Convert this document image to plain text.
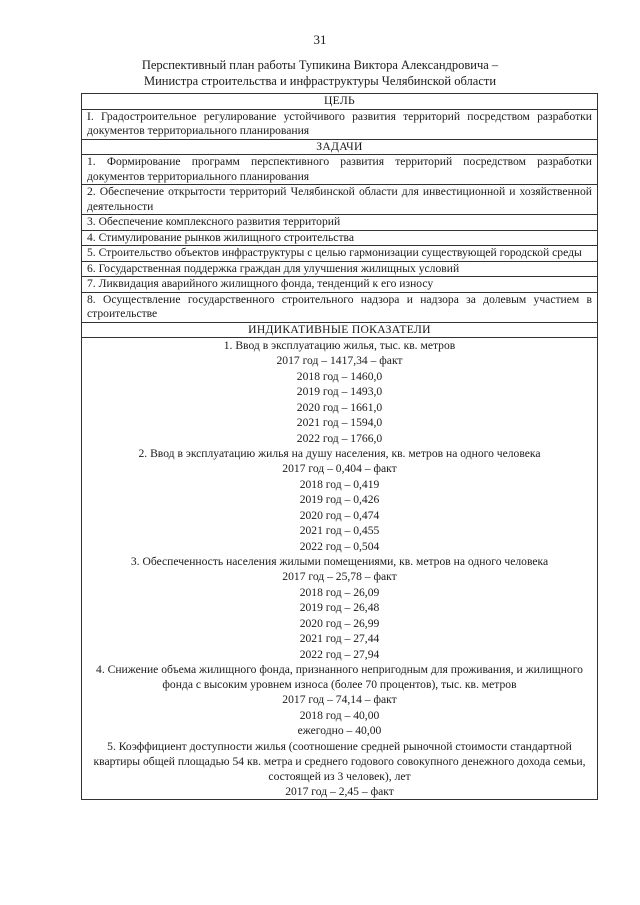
31
Перспективный план работы Тупикина Виктора Александровича –
Министра строительства и инфраструктуры Челябинской области
ЦЕЛЬ
I. Градостроительное регулирование устойчивого развития территорий посредством разработки документов территориального планирования
ЗАДАЧИ
1. Формирование программ перспективного развития территорий посредством разработки документов территориального планирования
2. Обеспечение открытости территорий Челябинской области для инвестиционной и хозяйственной деятельности
3. Обеспечение комплексного развития территорий
4. Стимулирование рынков жилищного строительства
5. Строительство объектов инфраструктуры с целью гармонизации существующей городской среды
6. Государственная поддержка граждан для улучшения жилищных условий
7. Ликвидация аварийного жилищного фонда, тенденций к его износу
8. Осуществление государственного строительного надзора и надзора за долевым участием в строительстве
ИНДИКАТИВНЫЕ ПОКАЗАТЕЛИ

1. Ввод в эксплуатацию жилья, тыс. кв. метров
2017 год – 1417,34 – факт
2018 год – 1460,0
2019 год – 1493,0
2020 год – 1661,0
2021 год – 1594,0
2022 год – 1766,0
2. Ввод в эксплуатацию жилья на душу населения, кв. метров на одного человека
2017 год – 0,404 – факт
2018 год – 0,419
2019 год – 0,426
2020 год – 0,474
2021 год – 0,455
2022 год – 0,504
3. Обеспеченность населения жилыми помещениями, кв. метров на одного человека
2017 год – 25,78 – факт
2018 год – 26,09
2019 год – 26,48
2020 год – 26,99
2021 год – 27,44
2022 год – 27,94
4. Снижение объема жилищного фонда, признанного непригодным для проживания, и жилищного фонда с высоким уровнем износа (более 70 процентов), тыс. кв. метров
2017 год – 74,14 – факт
2018 год – 40,00
ежегодно – 40,00
5. Коэффициент доступности жилья (соотношение средней рыночной стоимости стандартной квартиры общей площадью 54 кв. метра и среднего годового совокупного денежного дохода семьи, состоящей из 3 человек), лет
2017 год – 2,45 – факт
